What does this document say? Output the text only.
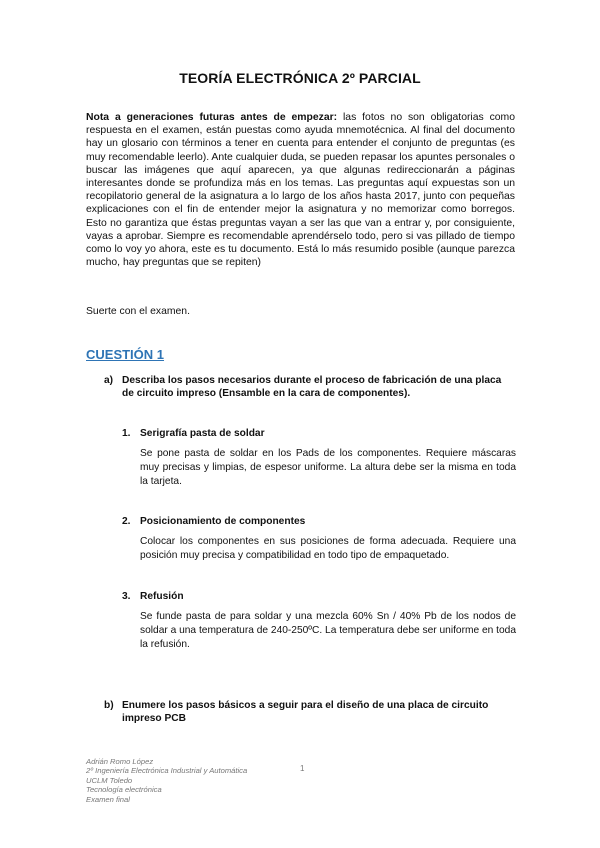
TEORÍA ELECTRÓNICA 2º PARCIAL
Nota a generaciones futuras antes de empezar: las fotos no son obligatorias como respuesta en el examen, están puestas como ayuda mnemotécnica. Al final del documento hay un glosario con términos a tener en cuenta para entender el conjunto de preguntas (es muy recomendable leerlo). Ante cualquier duda, se pueden repasar los apuntes personales o buscar las imágenes que aquí aparecen, ya que algunas redireccionarán a páginas interesantes donde se profundiza más en los temas. Las preguntas aquí expuestas son un recopilatorio general de la asignatura a lo largo de los años hasta 2017, junto con pequeñas explicaciones con el fin de entender mejor la asignatura y no memorizar como borregos. Esto no garantiza que éstas preguntas vayan a ser las que van a entrar y, por consiguiente, vayas a aprobar. Siempre es recomendable aprendérselo todo, pero si vas pillado de tiempo como lo voy yo ahora, este es tu documento. Está lo más resumido posible (aunque parezca mucho, hay preguntas que se repiten)
Suerte con el examen.
CUESTIÓN 1
a) Describa los pasos necesarios durante el proceso de fabricación de una placa de circuito impreso (Ensamble en la cara de componentes).
1. Serigrafía pasta de soldar
Se pone pasta de soldar en los Pads de los componentes. Requiere máscaras muy precisas y limpias, de espesor uniforme. La altura debe ser la misma en toda la tarjeta.
2. Posicionamiento de componentes
Colocar los componentes en sus posiciones de forma adecuada. Requiere una posición muy precisa y compatibilidad en todo tipo de empaquetado.
3. Refusión
Se funde pasta de para soldar y una mezcla 60% Sn / 40% Pb de los nodos de soldar a una temperatura de 240-250ºC. La temperatura debe ser uniforme en toda la refusión.
b) Enumere los pasos básicos a seguir para el diseño de una placa de circuito impreso PCB
Adrián Romo López
2º Ingeniería Electrónica Industrial y Automática
UCLM Toledo
Tecnología electrónica
Examen final
1
